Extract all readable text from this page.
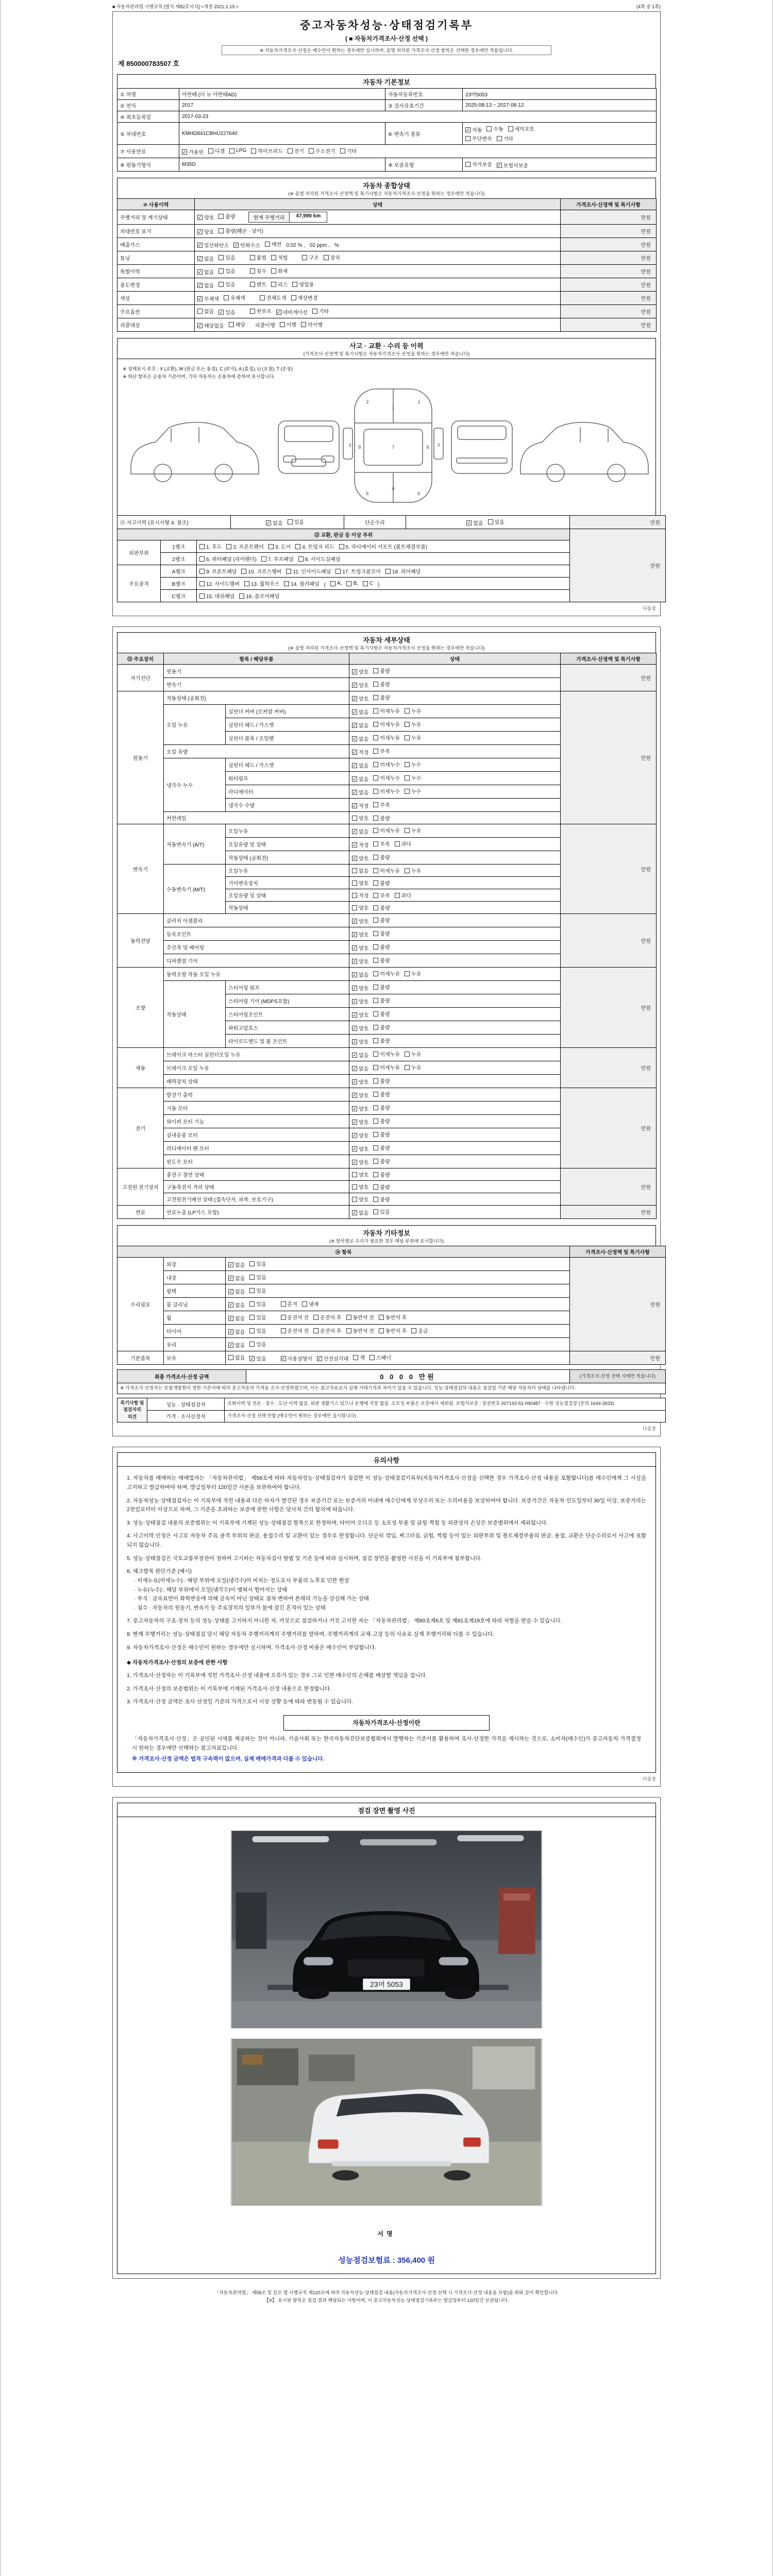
■ 자동차관리법 시행규칙 [별지 제82호서식] <개정 2021.1.19.>	(4쪽 중 1쪽)
중고자동차성능·상태점검기록부
( ■ 자동차가격조사·산정 선택 )
※ 자동차가격조사·산정은 매수인이 원하는 경우에만 실시하며, 음영 처리된 가격조사·산정 항목은 선택한 경우에만 적용됩니다.
제 850000783507 호
자동차 기본정보
① 차명	아반떼 (더 뉴 아반떼AD)	자동차등록번호	23머5053
② 연식	2017	③ 검사유효기간	2025-08-13 ~ 2027-08-12
④ 최초등록일	2017-03-23		
⑤ 차대번호	KMHD841CBHU227640	⑥ 변속기 종류	
✓ 자동 수동 세미오토

무단변속 기타

⑦ 사용연료	✓ 가솔린 디젤 LPG 하이브리드 전기 수소전기 기타

⑧ 원동기형식	M35D	⑨ 보증유형	자가보증 ✓ 보험사보증
자동차 종합상태
(※ 음영 처리된 가격조사·산정액 및 특기사항은 자동차가격조사·산정을 원하는 경우에만 적습니다)
⑩ 사용이력	상태	가격조사·산정액 및 특기사항
주행거리 및 계기상태	✓ 양호 불량 현재 주행거리 47,990 km	만원
차대번호 표기	✓ 양호 불량(훼손 · 상이)	만원
배출가스	✓ 일산화탄소 ✓ 탄화수소 매연 0.02 % , 02 ppm , %	만원
튜닝	✓ 없음 있음
　	불법 적법
　	구조 장치	만원
특별이력	✓ 없음 있음
　 침수 화재	만원
용도변경	✓ 없음 있음
　	렌트 리스 영업용	만원
색상	✓ 무채색 유채색
　 전체도색 색상변경	만원
주요옵션	없음 ✓ 있음
　	썬루프 ✓ 네비게이션 기타	만원
리콜대상	✓ 해당없음 해당 　리콜이행 이행 미이행	만원
사고 · 교환 · 수리 등 이력
(가격조사·산정액 및 특기사항은 자동차가격조사·산정을 원하는 경우에만 적습니다)
※ 상태표시 부호 : X (교환), W (판금 또는 용접), C (부식), A (흠집), U (요철), T (손상)
※ 하단 항목은 승용차 기준이며, 기타 자동차는 승용차에 준하여 표시합니다.
1
7
4
2	2
3	3
6	6
8	8
⑪ 사고이력 (표시사항 4. 참조)	✓ 없음 있음	단순수리	✓ 없음 있음	만원
⑫ 교환, 판금 등 이상 부위			만원
외판부위	1랭크	1. 후드 2. 프론트펜더 3. 도어 4. 트렁크 리드 5. 라디에이터 서포트 (볼트체결부품)	

	2랭크	6. 쿼터패널 (리어펜더) 7. 루프패널 8. 사이드실패널	

주요골격	A랭크	9. 프론트패널 10. 크로스멤버 11. 인사이드패널 17. 트렁크플로어 18. 리어패널	

B랭크	12. 사이드멤버 13. 휠하우스 14. 필러패널 ( A, B, C )
	C랭크	15. 대쉬패널 16. 플로어패널	
다음장
자동차 세부상태
(※ 음영 처리된 가격조사·산정액 및 특기사항은 자동차가격조사·산정을 원하는 경우에만 적습니다)
⑬ 주요장치	항목 / 해당부품		상태	가격조사·산정액 및 특기사항
자기진단	원동기		✓ 양호 불량	만원
	변속기		✓ 양호 불량	

원동기	작동상태 (공회전)		✓ 양호 불량	만원
	오일 누유	실린더 커버 (로커암 커버)	✓ 없음 미세누유 누유	

		실린더 헤드 / 가스켓	✓ 없음 미세누유 누유	

		실린더 블록 / 오일팬	✓ 없음 미세누유 누유	

	오일 유량		✓ 적정 부족	

	냉각수 누수	실린더 헤드 / 가스켓	✓ 없음 미세누수 누수	

		워터펌프	✓ 없음 미세누수 누수	

		라디에이터	✓ 없음 미세누수 누수	

		냉각수 수량	✓ 적정 부족	

	커먼레일		양호 불량	

변속기	자동변속기 (A/T)	오일누유	✓ 없음 미세누유 누유	만원
		오일유량 및 상태	✓ 적정 부족 과다	

		작동상태 (공회전)	✓ 양호 불량	

	수동변속기 (M/T)	오일누유	없음 미세누유 누유	

		기어변속장치	양호 불량	

		오일유량 및 상태	적정 부족 과다	

		작동상태	양호 불량	

동력전달	클러치 어셈블리		✓ 양호 불량	만원
	등속조인트		✓ 양호 불량	

	추진축 및 베어링		✓ 양호 불량	

	디퍼렌셜 기어		✓ 양호 불량	

조향	동력조향 작동 오일 누유		✓ 없음 미세누유 누유	만원
	작동상태	스티어링 펌프	✓ 양호 불량	

		스티어링 기어 (MDPS포함)	✓ 양호 불량	

		스티어링조인트	✓ 양호 불량	

		파워고압호스	✓ 양호 불량	

		타이로드엔드 및 볼 조인트	✓ 양호 불량	

제동	브레이크 마스터 실린더오일 누유		✓ 없음 미세누유 누유	만원
	브레이크 오일 누유		✓ 없음 미세누유 누유	

	배력장치 상태		✓ 양호 불량	

전기	발전기 출력		✓ 양호 불량	만원
	시동 모터		✓ 양호 불량	

	와이퍼 모터 기능		✓ 양호 불량	

	실내송풍 모터		✓ 양호 불량	

	라디에이터 팬 모터		✓ 양호 불량	

	윈도우 모터		✓ 양호 불량	

고전원 전기장치	충전구 절연 상태		양호 불량	만원
	구동축전지 격리 상태		양호 불량	

	고전원전기배선 상태 (접속단자, 피복, 보호기구)		양호 불량	

연료	연료누출 (LP가스 포함)		✓ 없음 있음	만원
자동차 기타정보
(※ 항목별로 수리가 필요한 경우 해당 부위에 표시합니다)
⑭ 항목			가격조사·산정액 및 특기사항
수리필요	외장	✓ 없음 있음	만원
	내장	✓ 없음 있음	

	광택	✓ 없음 있음	

	룸 클리닝	✓ 없음 있음
　 흔적 냄새	

휠	✓ 없음 있음
　	운전석 전 운전석 후 동반석 전 동반석 후

타이어	✓ 없음 있음
　	운전석 전 운전석 후 동반석 전 동반석 후 응급

	유리	✓ 없음 있음	

기본품목	보유	없음 ✓ 있음
　	✓ 사용설명서 ✓ 안전삼각대 잭 스패너	만원
최종 가격조사·산정 금액	0 0 0 0 만원	(가격조사·산정 선택 시에만 적습니다)
※ 가격조사·산정자는 보험개발원이 정한 기준서에 따라 중고자동차 가격을 조사·산정하였으며, 이는 참고자료로서 실제 거래가격과 차이가 있을 수 있습니다. 성능·상태점검의 내용은 점검일 기준 해당 자동차의 상태를 나타냅니다.
특기사항 및 점검자의 의견	성능 · 상태점검자	조회이력 상 전손 · 침수 · 도난 이력 없음. 외판 생활기스 있으나 운행에 지장 없음. 소모성 부품은 보증에서 제외됨. 보험사보증 : 증권번호 007192-51-090487 · 수원 성능점검장 (문의 1644-3933)
	가격 · 조사산정자	가격조사·산정 선택 안함 (매수인이 원하는 경우에만 실시합니다)
다음장
유의사항
1. 자동차를 매매하는 매매업자는 「자동차관리법」 제58조에 따라 자동차성능·상태점검자가 점검한 이 성능·상태점검기록부(자동차가격조사·산정을 선택한 경우 가격조사·산정 내용을 포함합니다)를 매수인에게 그 사실을 고지하고 발급하여야 하며, 발급일부터 120일간 사본을 보관하여야 합니다.
2. 자동차성능·상태점검자는 이 기록부에 적힌 내용과 다른 하자가 발견된 경우 보증기간 또는 보증거리 이내에 매수인에게 무상수리 또는 수리비용을 보상하여야 합니다. 보증기간은 자동차 인도일부터 30일 이상, 보증거리는 2천킬로미터 이상으로 하며, 그 기준을 초과하는 보증에 관한 사항은 당사자 간의 합의에 따릅니다.
3. 성능·상태점검 내용의 보증범위는 이 기록부에 기재된 성능·상태점검 항목으로 한정하며, 타이어·오디오 등 소모성 부품 및 긁힘·찍힘 등 외관상의 손상은 보증범위에서 제외됩니다.
4. 사고이력 인정은 사고로 자동차 주요 골격 부위의 판금, 용접수리 및 교환이 있는 경우로 한정합니다. 단순히 꺾임, 찌그러짐, 긁힘, 찍힘 등이 있는 외판부위 및 볼트체결부품의 판금, 용접, 교환은 단순수리로서 사고에 포함되지 않습니다.
5. 성능·상태점검은 국토교통부장관이 정하여 고시하는 자동차검사 방법 및 기준 등에 따라 실시하며, 점검 장면을 촬영한 사진을 이 기록부에 첨부합니다.
6. 체크항목 판단기준 (예시)
· 미세누유(미세누수) : 해당 부위에 오일(냉각수)이 비치는 정도로서 부품의 노후로 인한 현상
· 누유(누수) : 해당 부위에서 오일(냉각수)이 맺혀서 떨어지는 상태
· 부식 : 금속표면이 화학반응에 의해 금속이 아닌 상태로 점차 변하여 본래의 기능을 상실해 가는 상태
· 침수 : 자동차의 원동기, 변속기 등 주요장치의 일부가 물에 잠긴 흔적이 있는 상태
7. 중고자동차의 구조·장치 등의 성능·상태를 고지하지 아니한 자, 거짓으로 점검하거나 거짓 고지한 자는 「자동차관리법」 제80조제6호 및 제81조제19호에 따라 처벌을 받을 수 있습니다.
8. 현재 주행거리는 성능·상태점검 당시 해당 자동차 주행거리계의 주행거리를 말하며, 주행거리계의 교체·고장 등의 사유로 실제 주행거리와 다를 수 있습니다.
9. 자동차가격조사·산정은 매수인이 원하는 경우에만 실시하며, 가격조사·산정 비용은 매수인이 부담합니다.
◆ 자동차가격조사·산정의 보증에 관한 사항
1. 가격조사·산정자는 이 기록부에 적힌 가격조사·산정 내용에 오류가 있는 경우 그로 인한 매수인의 손해를 배상할 책임을 집니다.
2. 가격조사·산정의 보증범위는 이 기록부에 기재된 가격조사·산정 내용으로 한정합니다.
3. 가격조사·산정 금액은 조사·산정일 기준의 가격으로서 시장 상황 등에 따라 변동될 수 있습니다.
자동차가격조사·산정이란
「자동차가격조사·산정」은 공인된 시세를 제공하는 것이 아니라, 기술사회 또는 한국자동차진단보증협회에서 발행하는 기준서를 활용하여 조사·산정한 가격을 제시하는 것으로, 소비자(매수인)가 중고자동차 가격결정 시 원하는 경우에만 선택하는 참고자료입니다.
※ 가격조사·산정 금액은 법적 구속력이 없으며, 실제 매매가격과 다를 수 있습니다.
다음장
점검 장면 촬영 사진
23머 5053
서명
성능점검보험료 : 356,400 원
「자동차관리법」 제58조 및 같은 법 시행규칙 제120조에 따라 자동차성능·상태점검 내용(자동차가격조사·산정 선택 시 가격조사·산정 내용을 포함)을 위와 같이 확인합니다.
【Ⅴ】 표시된 항목은 점검 결과 해당되는 사항이며, 이 중고자동차성능·상태점검기록부는 발급일부터 120일간 보관됩니다.
